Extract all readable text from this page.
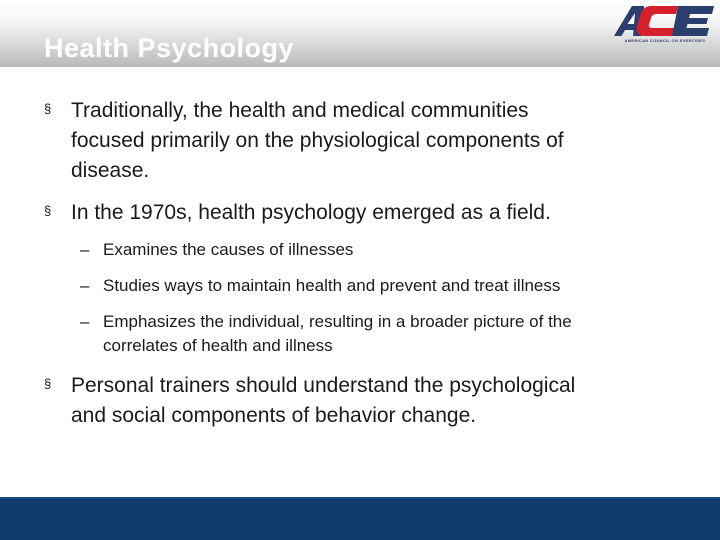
Health Psychology	AMERICAN COUNCIL ON EXERCISE®
§ Traditionally, the health and medical communities
focused primarily on the physiological components of
disease.
§ In the 1970s, health psychology emerged as a field.
– Examines the causes of illnesses
– Studies ways to maintain health and prevent and treat illness
– Emphasizes the individual, resulting in a broader picture of the
correlates of health and illness
§ Personal trainers should understand the psychological
and social components of behavior change.
